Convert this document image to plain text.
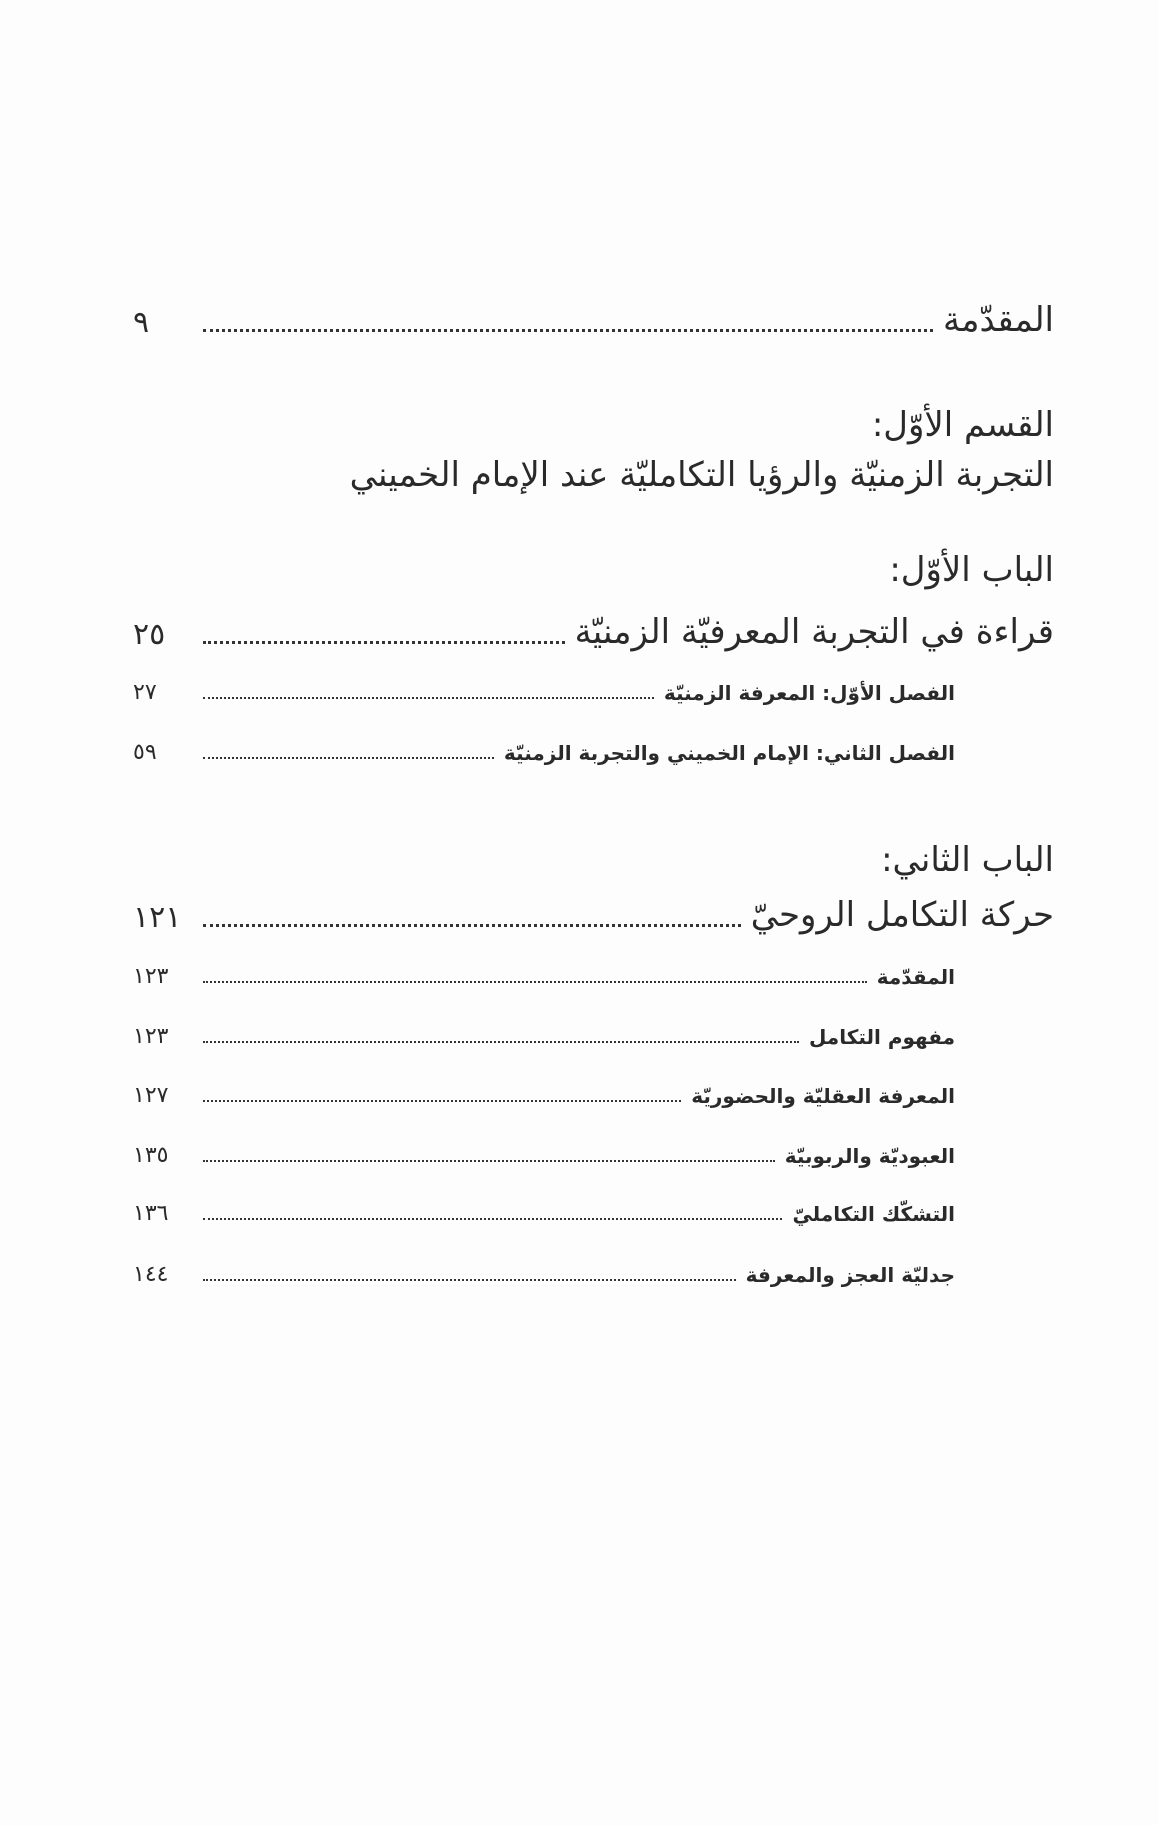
المقدّمة
٩
القسم الأوّل:
التجربة الزمنيّة والرؤيا التكامليّة عند الإمام الخميني
الباب الأوّل:
قراءة في التجربة المعرفيّة الزمنيّة
٢٥
الفصل الأوّل: المعرفة الزمنيّة
٢٧
الفصل الثاني: الإمام الخميني والتجربة الزمنيّة
٥٩
الباب الثاني:
حركة التكامل الروحيّ
١٢١
المقدّمة
١٢٣
مفهوم التكامل
١٢٣
المعرفة العقليّة والحضوريّة
١٢٧
العبوديّة والربوبيّة
١٣٥
التشكّك التكامليّ
١٣٦
جدليّة العجز والمعرفة
١٤٤
